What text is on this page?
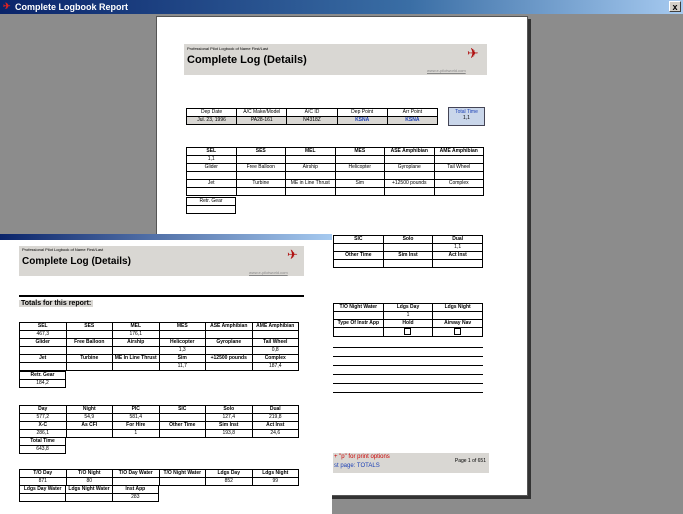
✈ Complete Logbook Report	x
Professional Pilot Logbook of Name First/Last
Complete Log (Details)
www.e-pilotworld.com
✈
Dep Date	A/C Make/Model	A/C ID	Dep Point	Arr Point
Jul. 23, 1996	PA28-161	N4318Z	KSNA	KSNA
Total Time
1,1
SEL	SES	MEL	MES	ASE Amphibian	AME Amphibian
1,1					
Glider	Free Balloon	Airship	Helicopter	Gyroplane	Tail Wheel

Jet	Turbine	ME in Line Thrust	Sim	+12500 pounds	Complex

Retr. Gear

SIC	Solo	Dual
		1,1
Other Time	Sim Inst	Act Inst

T/O Night Water	Ldgs Day	Ldgs Night
	1	
Type Of Instr App	Hold	Airway Nav

+ "p" for print options
st page: TOTALS
Page 1 of 651
Professional Pilot Logbook of Name First/Last
Complete Log (Details)
www.e-pilotworld.com
✈
Totals for this report:
SEL	SES	MEL	MES	ASE Amphibian	AME Amphibian
467,3		176,1			
Glider	Free Balloon	Airship	Helicopter	Gyroplane	Tail Wheel
			1,3		0,8
Jet	Turbine	ME In Line Thrust	Sim	+12500 pounds	Complex
			11,7		187,4
Retr. Gear
184,2
Day	Night	PIC	SIC	Solo	Dual
577,2	54,9	581,4		127,4	219,8
X-C	As CFI	For Hire	Other Time	Sim Inst	Act Inst
286,1		1		193,8	24,6
Total Time
643,8
T/O Day	T/O Night	T/O Day Water	T/O Night Water	Ldgs Day	Ldgs Night
871	80			852	99
Ldgs Day Water	Ldgs Night Water	Inst App
		283
